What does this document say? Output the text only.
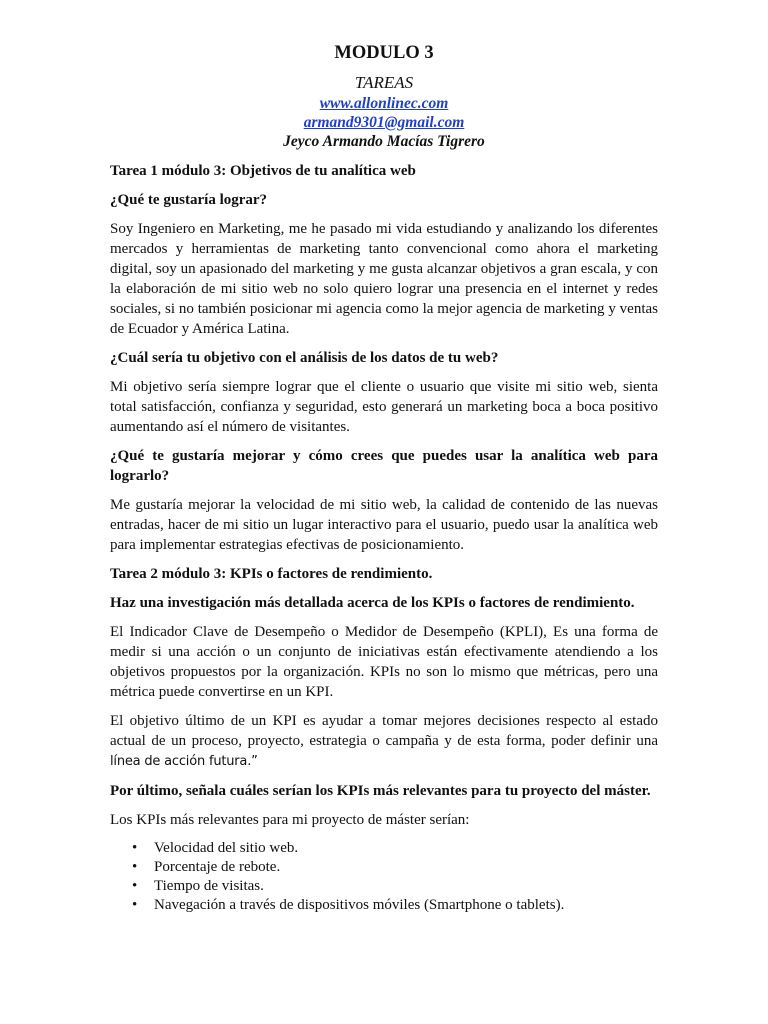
MODULO 3
TAREAS
www.allonlinec.com
armand9301@gmail.com
Jeyco Armando Macías Tigrero
Tarea 1 módulo 3: Objetivos de tu analítica web
¿Qué te gustaría lograr?

Soy Ingeniero en Marketing, me he pasado mi vida estudiando y analizando los diferentes mercados y herramientas de marketing tanto convencional como ahora el marketing digital, soy un apasionado del marketing y me gusta alcanzar objetivos a gran escala, y con la elaboración de mi sitio web no solo quiero lograr una presencia en el internet y redes sociales, si no también posicionar mi agencia como la mejor agencia de marketing y ventas de Ecuador y América Latina.

¿Cuál sería tu objetivo con el análisis de los datos de tu web?

Mi objetivo sería siempre lograr que el cliente o usuario que visite mi sitio web, sienta total satisfacción, confianza y seguridad, esto generará un marketing boca a boca positivo aumentando así el número de visitantes.

¿Qué te gustaría mejorar y cómo crees que puedes usar la analítica web para lograrlo?

Me gustaría mejorar la velocidad de mi sitio web, la calidad de contenido de las nuevas entradas, hacer de mi sitio un lugar interactivo para el usuario, puedo usar la analítica web para implementar estrategias efectivas de posicionamiento.

Tarea 2 módulo 3: KPIs o factores de rendimiento.
Haz una investigación más detallada acerca de los KPIs o factores de rendimiento.

El Indicador Clave de Desempeño o Medidor de Desempeño (KPLI), Es una forma de medir si una acción o un conjunto de iniciativas están efectivamente atendiendo a los objetivos propuestos por la organización. KPIs no son lo mismo que métricas, pero una métrica puede convertirse en un KPI.

El objetivo último de un KPI es ayudar a tomar mejores decisiones respecto al estado actual de un proceso, proyecto, estrategia o campaña y de esta forma, poder definir una línea de acción futura.”

Por último, señala cuáles serían los KPIs más relevantes para tu proyecto del máster.

Los KPIs más relevantes para mi proyecto de máster serían:

• Velocidad del sitio web.
• Porcentaje de rebote.
• Tiempo de visitas.
• Navegación a través de dispositivos móviles (Smartphone o tablets).
